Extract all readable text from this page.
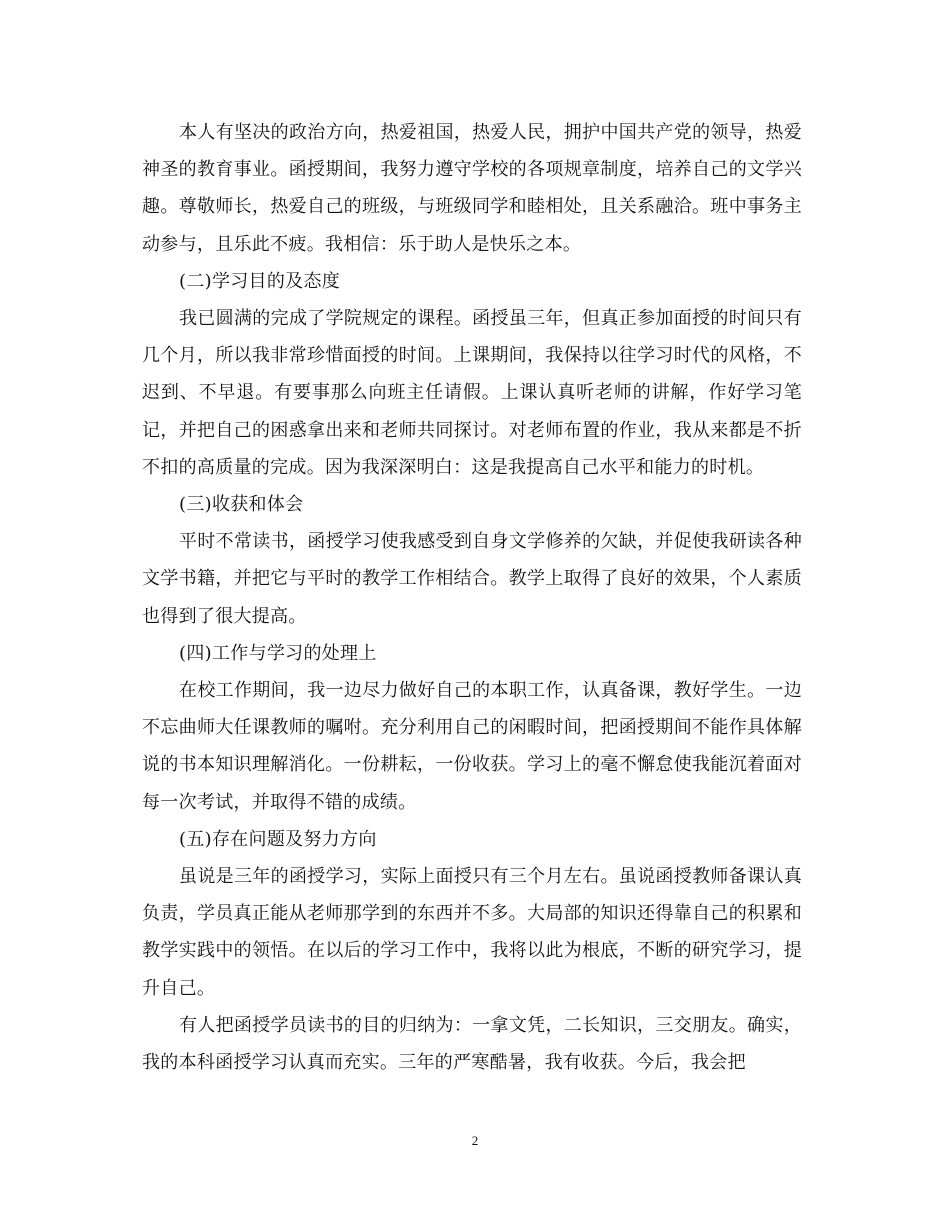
本人有坚决的政治方向，热爱祖国，热爱人民，拥护中国共产党的领导，热爱神圣的教育事业。函授期间，我努力遵守学校的各项规章制度，培养自己的文学兴趣。尊敬师长，热爱自己的班级，与班级同学和睦相处，且关系融洽。班中事务主动参与，且乐此不疲。我相信：乐于助人是快乐之本。

(二)学习目的及态度

我已圆满的完成了学院规定的课程。函授虽三年，但真正参加面授的时间只有几个月，所以我非常珍惜面授的时间。上课期间，我保持以往学习时代的风格，不迟到、不早退。有要事那么向班主任请假。上课认真听老师的讲解，作好学习笔记，并把自己的困惑拿出来和老师共同探讨。对老师布置的作业，我从来都是不折不扣的高质量的完成。因为我深深明白：这是我提高自己水平和能力的时机。

(三)收获和体会

平时不常读书，函授学习使我感受到自身文学修养的欠缺，并促使我研读各种文学书籍，并把它与平时的教学工作相结合。教学上取得了良好的效果，个人素质也得到了很大提高。

(四)工作与学习的处理上

在校工作期间，我一边尽力做好自己的本职工作，认真备课，教好学生。一边不忘曲师大任课教师的嘱咐。充分利用自己的闲暇时间，把函授期间不能作具体解说的书本知识理解消化。一份耕耘，一份收获。学习上的毫不懈怠使我能沉着面对每一次考试，并取得不错的成绩。

(五)存在问题及努力方向

虽说是三年的函授学习，实际上面授只有三个月左右。虽说函授教师备课认真负责，学员真正能从老师那学到的东西并不多。大局部的知识还得靠自己的积累和教学实践中的领悟。在以后的学习工作中，我将以此为根底，不断的研究学习，提升自己。

有人把函授学员读书的目的归纳为：一拿文凭，二长知识，三交朋友。确实，我的本科函授学习认真而充实。三年的严寒酷暑，我有收获。今后，我会把

2
